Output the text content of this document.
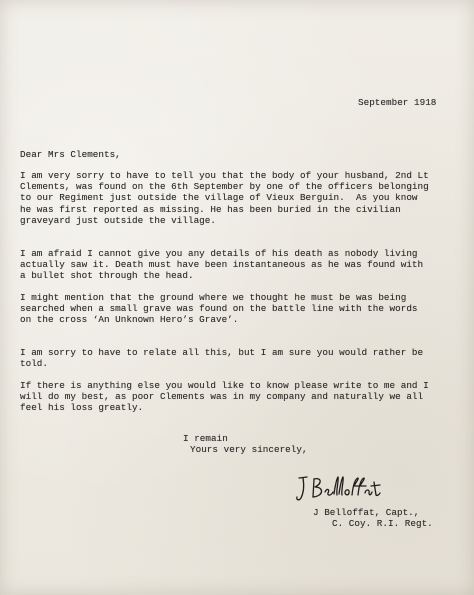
September 1918
Dear Mrs Clements,
I am very sorry to have to tell you that the body of your husband, 2nd Lt
Clements, was found on the 6th September by one of the officers belonging
to our Regiment just outside the village of Vieux Berguin.  As you know
he was first reported as missing. He has been buried in the civilian
graveyard just outside the village.
I am afraid I cannot give you any details of his death as nobody living
actually saw it. Death must have been instantaneous as he was found with
a bullet shot through the head.
I might mention that the ground where we thought he must be was being
searched when a small grave was found on the battle line with the words
on the cross ‘An Unknown Hero’s Grave’.
I am sorry to have to relate all this, but I am sure you would rather be
told.
If there is anything else you would like to know please write to me and I
will do my best, as poor Clements was in my company and naturally we all
feel his loss greatly.
I remain
Yours very sincerely,
J Belloffat, Capt.,
C. Coy. R.I. Regt.
